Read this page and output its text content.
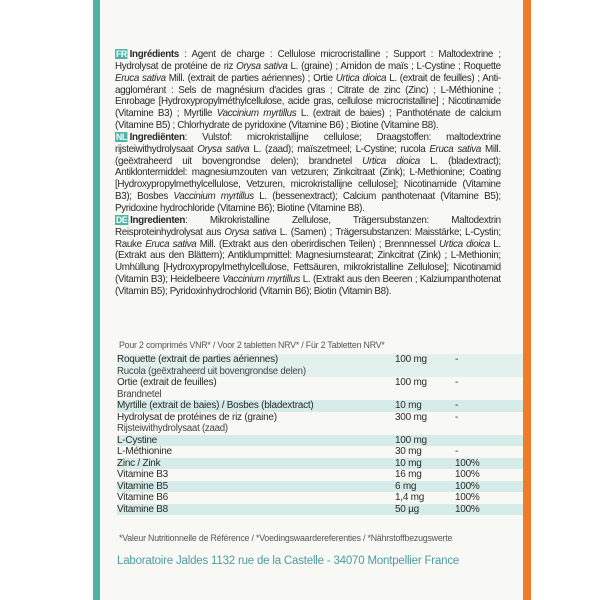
FR Ingrédients : Agent de charge : Cellulose microcristalline ; Support : Maltodextrine ; Hydrolysat de protéine de riz Orysa sativa L. (graine) ; Amidon de maïs ; L-Cystine ; Roquette Eruca sativa Mill. (extrait de parties aériennes) ; Ortie Urtica dioica L. (extrait de feuilles) ; Anti-agglomérant : Sels de magnésium d'acides gras ; Citrate de zinc (Zinc) ; L-Méthionine ; Enrobage [Hydroxypropylméthylcellulose, acide gras, cellulose microcristalline] ; Nicotinamide (Vitamine B3) ; Myrtille Vaccinium myrtillus L. (extrait de baies) ; Panthoténate de calcium (Vitamine B5) ; Chlorhydrate de pyridoxine (Vitamine B6) ; Biotine (Vitamine B8).

NL Ingrediënten: Vulstof: microkristallijne cellulose; Draagstoffen: maltodextrine rijsteiwithydrolysaat Orysa sativa L. (zaad); maïszetmeel; L-Cystine; rucola Eruca sativa Mill. (geëxtraheerd uit bovengrondse delen); brandnetel Urtica dioica L. (bladextract); Antiklontermiddel: magnesiumzouten van vetzuren; Zinkcitraat (Zink); L-Methionine; Coating [Hydroxypropylmethylcellulose, Vetzuren, microkristallijne cellulose]; Nicotinamide (Vitamine B3); Bosbes Vaccinium myrtillus L. (bessenextract); Calcium panthotenaat (Vitamine B5); Pyridoxine hydrochloride (Vitamine B6); Biotine (Vitamine B8).

DE Ingredienten: Mikrokristalline Zellulose, Trägersubstanzen: Maltodextrin Reisproteinhydrolysat aus Orysa sativa L. (Samen) ; Trägersubstanzen: Maisstärke; L-Cystin; Rauke Eruca sativa Mill. (Extrakt aus den oberirdischen Teilen) ; Brennnessel Urtica dioica L. (Extrakt aus den Blättern); Antiklumpmittel: Magnesiumstearat; Zinkcitrat (Zink) ; L-Methionin; Umhüllung [Hydroxypropylmethylcellulose, Fettsäuren, mikrokristalline Zellulose]; Nicotinamid (Vitamin B3); Heidelbeere Vaccinium myrtillus L. (Extrakt aus den Beeren ; Kalziumpanthotenat (Vitamin B5); Pyridoxinhydrochlorid (Vitamin B6); Biotin (Vitamin B8).

Pour 2 comprimés VNR* / Voor 2 tabletten NRV* / Für 2 Tabletten NRV*
Roquette (extrait de parties aériennes)
Rucola (geëxtraheerd uit bovengrondse delen)	100 mg	-

Ortie (extrait de feuilles)
Brandnetel	100 mg	-

Myrtille (extrait de baies) / Bosbes (bladextract)	10 mg	-

Hydrolysat de protéines de riz (graine)
Rijsteiwithydrolysaat (zaad)	300 mg	-

L-Cystine	100 mg	

L-Méthionine	30 mg	-

Zinc / Zink	10 mg	100%

Vitamine B3	16 mg	100%

Vitamine B5	6 mg	100%

Vitamine B6	1,4 mg	100%

Vitamine B8	50 µg	100%
*Valeur Nutritionnelle de Référence / *Voedingswaardereferenties / *Nährstoffbezugswerte
Laboratoire Jaldes 1132 rue de la Castelle - 34070 Montpellier France
